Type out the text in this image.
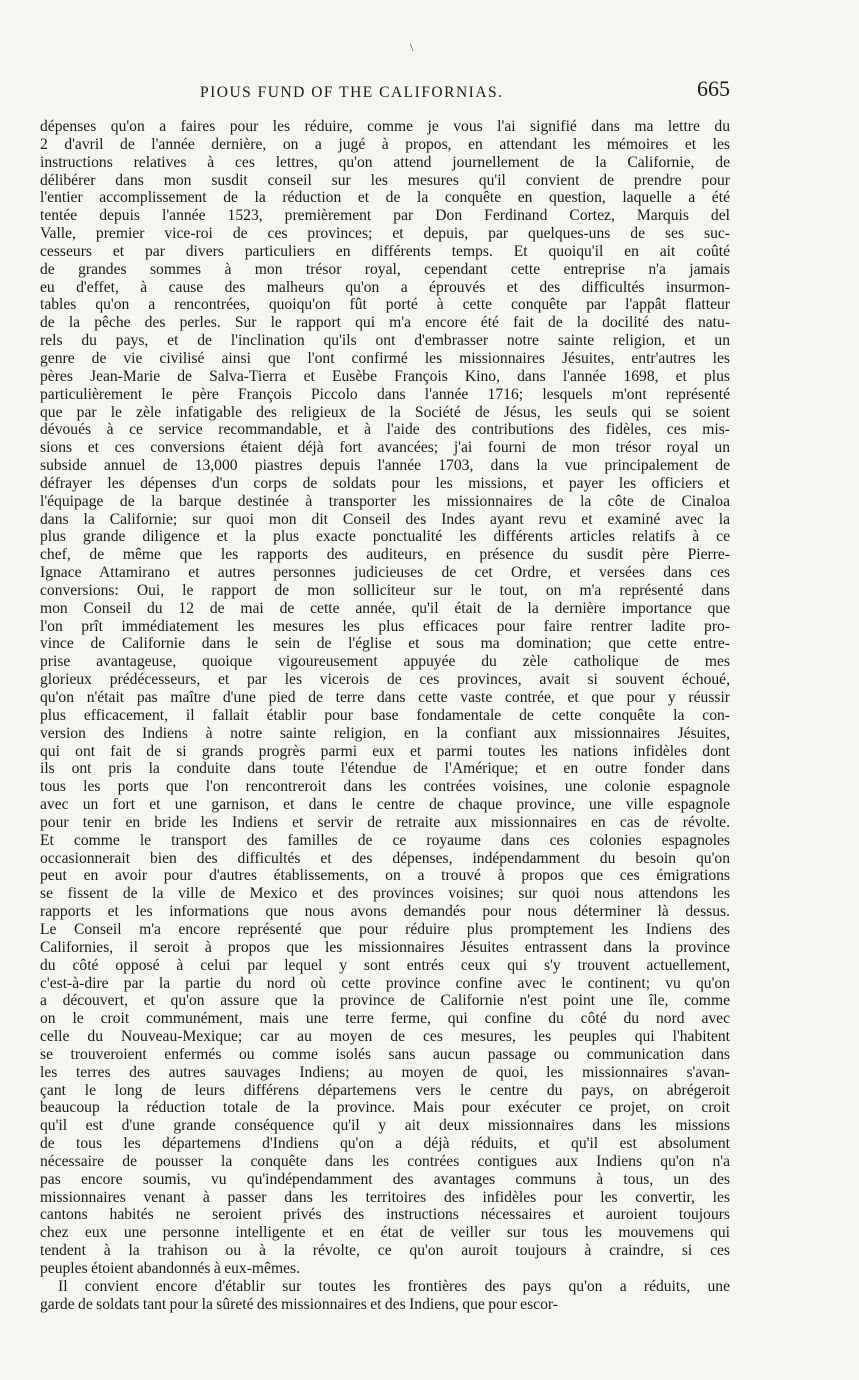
PIOUS FUND OF THE CALIFORNIAS.	665
\
dépenses qu'on a faires pour les réduire, comme je vous l'ai signifié dans ma lettre du
2 d'avril de l'année dernière, on a jugé à propos, en attendant les mémoires et les
instructions relatives à ces lettres, qu'on attend journellement de la Californie, de
délibérer dans mon susdit conseil sur les mesures qu'il convient de prendre pour
l'entier accomplissement de la réduction et de la conquête en question, laquelle a été
tentée depuis l'année 1523, premièrement par Don Ferdinand Cortez, Marquis del
Valle, premier vice-roi de ces provinces; et depuis, par quelques-uns de ses suc-
cesseurs et par divers particuliers en différents temps. Et quoiqu'il en ait coûté
de grandes sommes à mon trésor royal, cependant cette entreprise n'a jamais
eu d'effet, à cause des malheurs qu'on a éprouvés et des difficultés insurmon-
tables qu'on a rencontrées, quoiqu'on fût porté à cette conquête par l'appât flatteur
de la pêche des perles. Sur le rapport qui m'a encore été fait de la docilité des natu-
rels du pays, et de l'inclination qu'ils ont d'embrasser notre sainte religion, et un
genre de vie civilisé ainsi que l'ont confirmé les missionnaires Jésuites, entr'autres les
pères Jean-Marie de Salva-Tierra et Eusèbe François Kino, dans l'année 1698, et plus
particulièrement le père François Piccolo dans l'année 1716; lesquels m'ont représenté
que par le zèle infatigable des religieux de la Société de Jésus, les seuls qui se soient
dévoués à ce service recommandable, et à l'aide des contributions des fidèles, ces mis-
sions et ces conversions étaient déjà fort avancées; j'ai fourni de mon trésor royal un
subside annuel de 13,000 piastres depuis l'année 1703, dans la vue principalement de
défrayer les dépenses d'un corps de soldats pour les missions, et payer les officiers et
l'équipage de la barque destinée à transporter les missionnaires de la côte de Cinaloa
dans la Californie; sur quoi mon dit Conseil des Indes ayant revu et examiné avec la
plus grande diligence et la plus exacte ponctualité les différents articles relatifs à ce
chef, de même que les rapports des auditeurs, en présence du susdit père Pierre-
Ignace Attamirano et autres personnes judicieuses de cet Ordre, et versées dans ces
conversions: Oui, le rapport de mon solliciteur sur le tout, on m'a représenté dans
mon Conseil du 12 de mai de cette année, qu'il était de la dernière importance que
l'on prît immédiatement les mesures les plus efficaces pour faire rentrer ladite pro-
vince de Californie dans le sein de l'église et sous ma domination; que cette entre-
prise avantageuse, quoique vigoureusement appuyée du zèle catholique de mes
glorieux prédécesseurs, et par les vicerois de ces provinces, avait si souvent échoué,
qu'on n'était pas maître d'une pied de terre dans cette vaste contrée, et que pour y réussir
plus efficacement, il fallait établir pour base fondamentale de cette conquête la con-
version des Indiens à notre sainte religion, en la confiant aux missionnaires Jésuites,
qui ont fait de si grands progrès parmi eux et parmi toutes les nations infidèles dont
ils ont pris la conduite dans toute l'étendue de l'Amérique; et en outre fonder dans
tous les ports que l'on rencontreroit dans les contrées voisines, une colonie espagnole
avec un fort et une garnison, et dans le centre de chaque province, une ville espagnole
pour tenir en bride les Indiens et servir de retraite aux missionnaires en cas de révolte.
Et comme le transport des familles de ce royaume dans ces colonies espagnoles
occasionnerait bien des difficultés et des dépenses, indépendamment du besoin qu'on
peut en avoir pour d'autres établissements, on a trouvé à propos que ces émigrations
se fissent de la ville de Mexico et des provinces voisines; sur quoi nous attendons les
rapports et les informations que nous avons demandés pour nous déterminer là dessus.
Le Conseil m'a encore représenté que pour réduire plus promptement les Indiens des
Californies, il seroit à propos que les missionnaires Jésuites entrassent dans la province
du côté opposé à celui par lequel y sont entrés ceux qui s'y trouvent actuellement,
c'est-à-dire par la partie du nord où cette province confine avec le continent; vu qu'on
a découvert, et qu'on assure que la province de Californie n'est point une île, comme
on le croit communément, mais une terre ferme, qui confine du côté du nord avec
celle du Nouveau-Mexique; car au moyen de ces mesures, les peuples qui l'habitent
se trouveroient enfermés ou comme isolés sans aucun passage ou communication dans
les terres des autres sauvages Indiens; au moyen de quoi, les missionnaires s'avan-
çant le long de leurs différens départemens vers le centre du pays, on abrégeroit
beaucoup la réduction totale de la province. Mais pour exécuter ce projet, on croit
qu'il est d'une grande conséquence qu'il y ait deux missionnaires dans les missions
de tous les départemens d'Indiens qu'on a déjà réduits, et qu'il est absolument
nécessaire de pousser la conquête dans les contrées contigues aux Indiens qu'on n'a
pas encore soumis, vu qu'indépendamment des avantages communs à tous, un des
missionnaires venant à passer dans les territoires des infidèles pour les convertir, les
cantons habités ne seroient privés des instructions nécessaires et auroient toujours
chez eux une personne intelligente et en état de veiller sur tous les mouvemens qui
tendent à la trahison ou à la révolte, ce qu'on auroit toujours à craindre, si ces
peuples étoient abandonnés à eux-mêmes.
Il convient encore d'établir sur toutes les frontières des pays qu'on a réduits, une
garde de soldats tant pour la sûreté des missionnaires et des Indiens, que pour escor-
